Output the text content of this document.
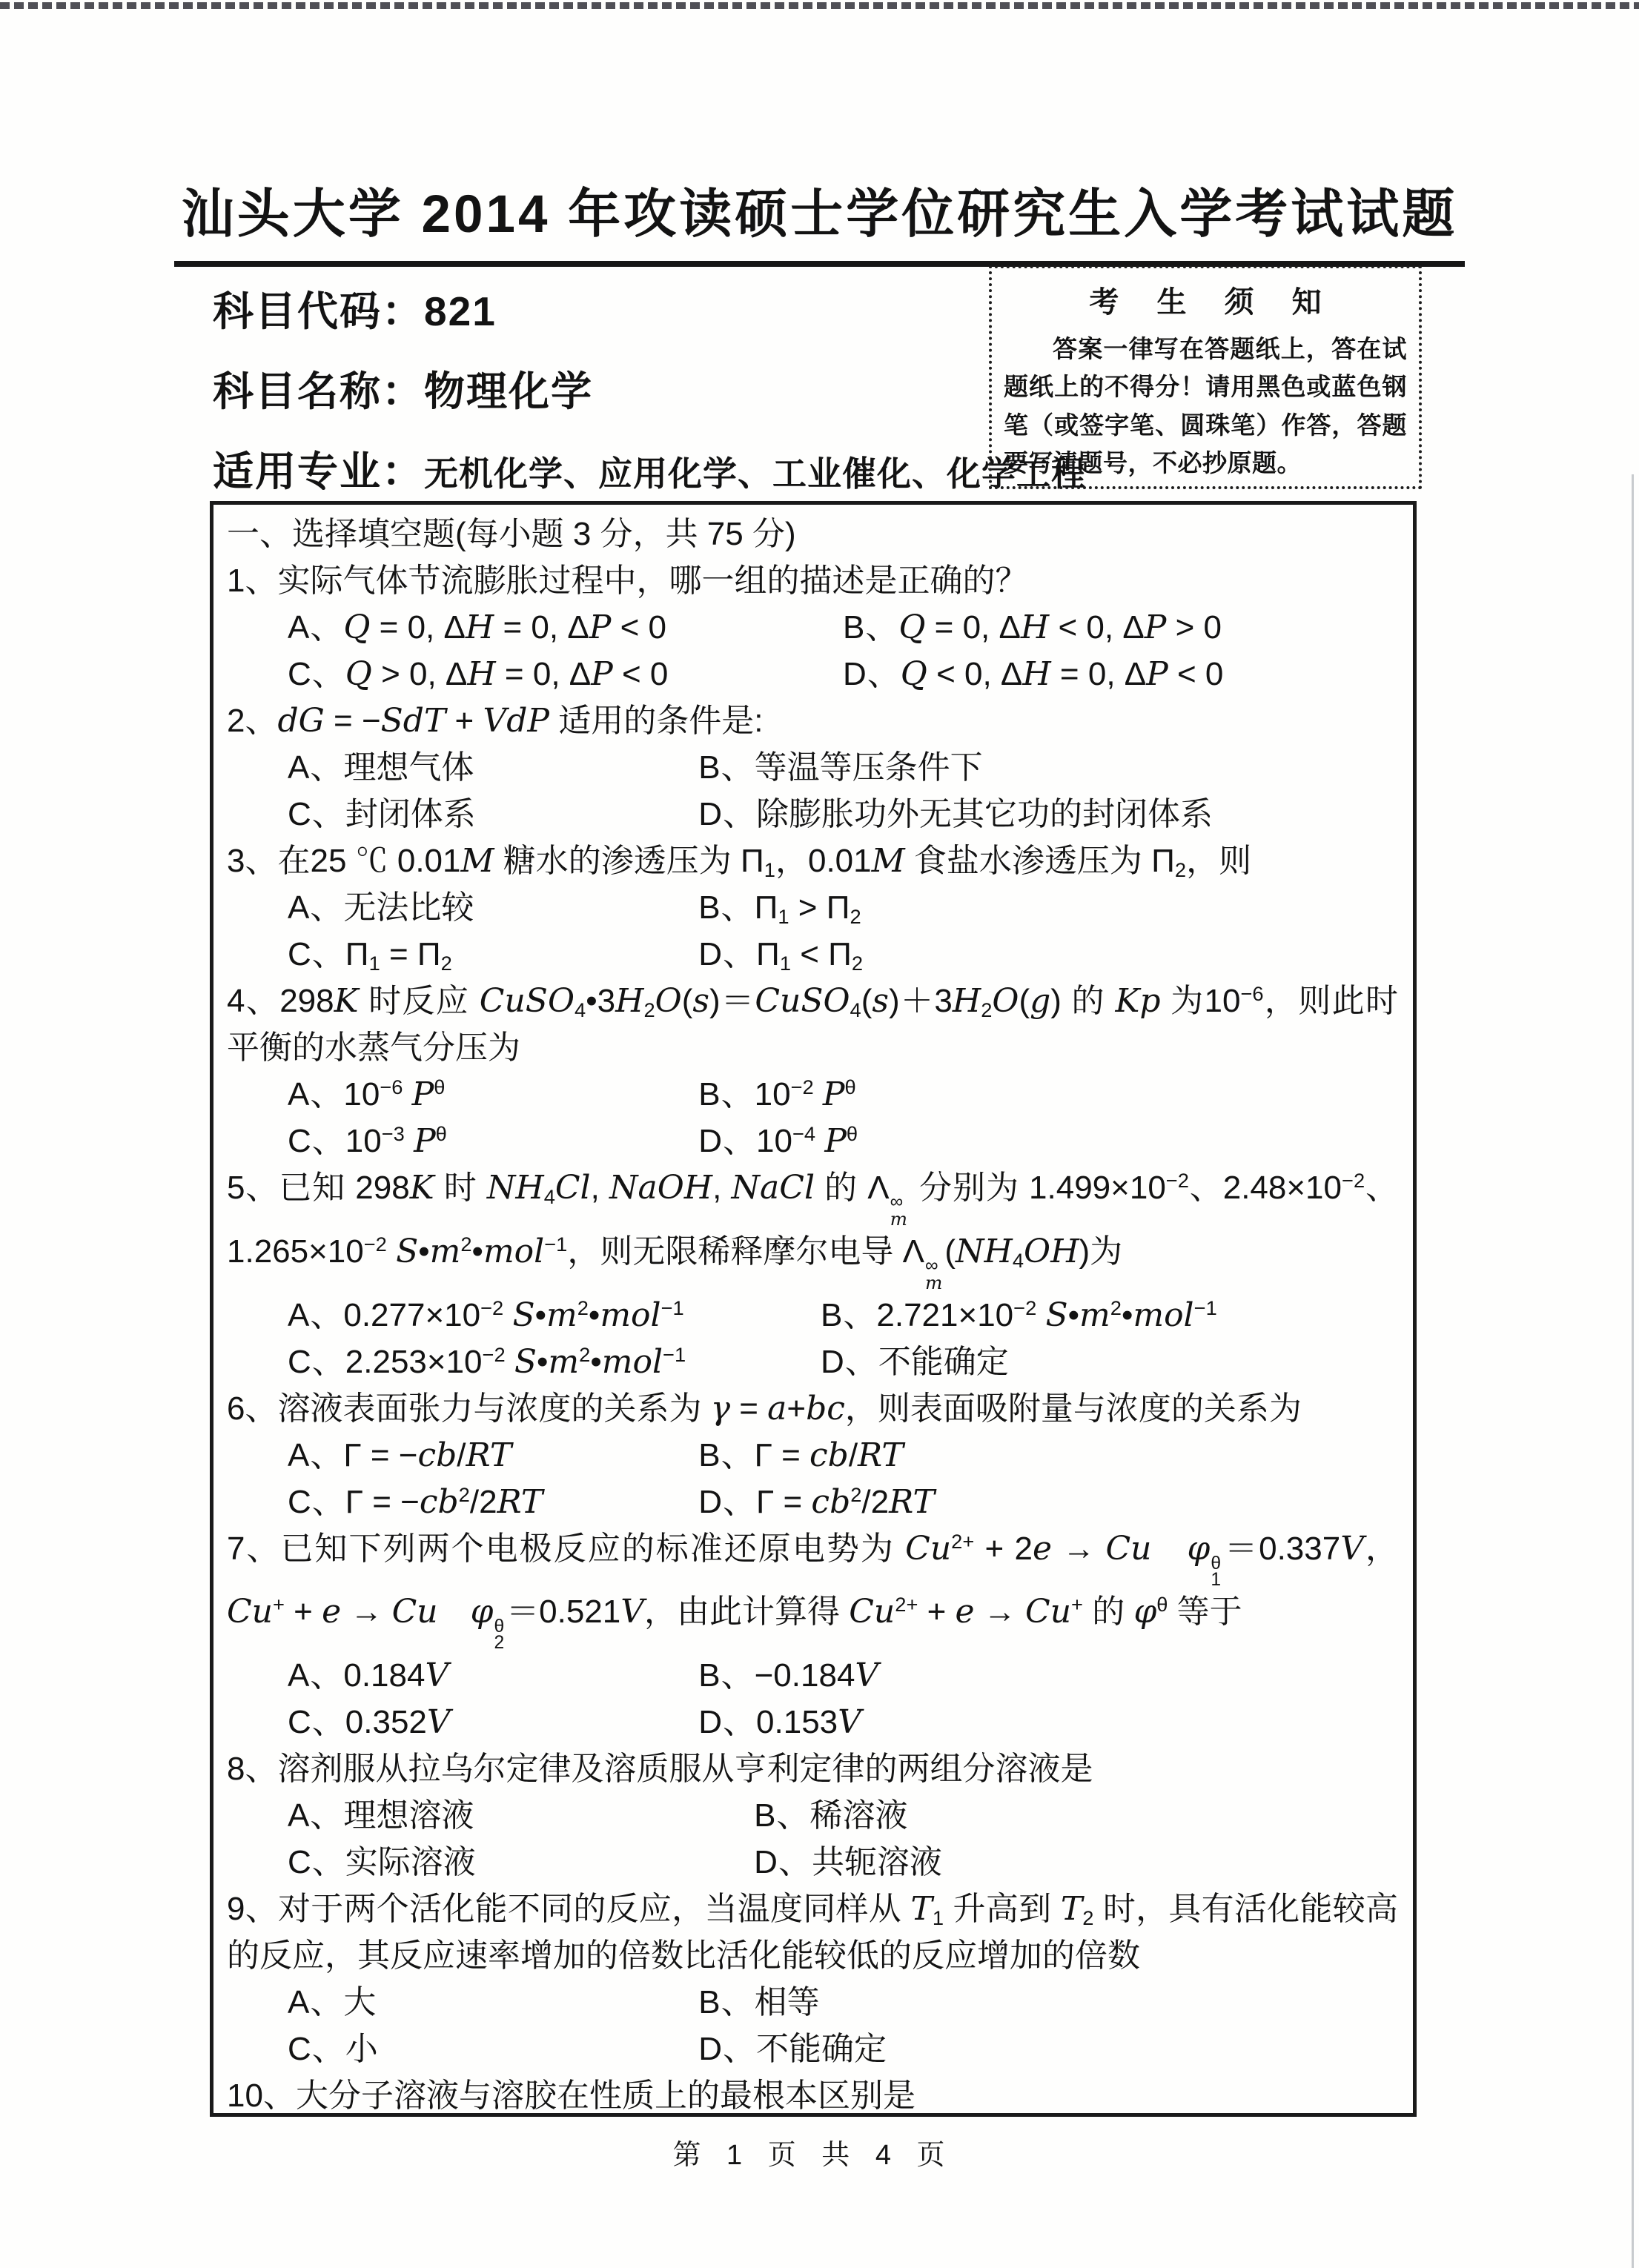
汕头大学 2014 年攻读硕士学位研究生入学考试试题
科目代码：821
科目名称：物理化学
适用专业：无机化学、应用化学、工业催化、化学工程
考 生 须 知
答案一律写在答题纸上，答在试题纸上的不得分！请用黑色或蓝色钢笔（或签字笔、圆珠笔）作答，答题要写清题号，不必抄原题。
一、选择填空题(每小题 3 分，共 75 分)
1、实际气体节流膨胀过程中，哪一组的描述是正确的？
A、Q = 0, ΔH = 0, ΔP < 0	B、Q = 0, ΔH < 0, ΔP > 0
C、Q > 0, ΔH = 0, ΔP < 0	D、Q < 0, ΔH = 0, ΔP < 0
2、dG = −SdT + VdP 适用的条件是:
A、理想气体	B、等温等压条件下
C、封闭体系	D、除膨胀功外无其它功的封闭体系
3、在25 ℃ 0.01M 糖水的渗透压为 $\Pi_1$，0.01M 食盐水渗透压为 $\Pi_2$，则
A、无法比较	B、$\Pi_1 > \Pi_2$
C、$\Pi_1 = \Pi_2$	D、$\Pi_1 < \Pi_2$
4、298K 时反应 $CuSO_4•3H_2O(s)=CuSO_4(s)+3H_2O(g)$ 的 Kp 为$10^{-6}$，则此时平衡的水蒸气分压为
A、$10^{-6}$ $P^\theta$	B、$10^{-2}$ $P^\theta$
C、$10^{-3}$ $P^\theta$	D、$10^{-4}$ $P^\theta$
5、已知 298K 时 $NH_4Cl$, NaOH, NaCl 的 Λ ∞
m
分别为 $1.499\times 10^{-2}$、$2.48\times 10^{-2}$、$1.265\times 10^{-2}$ $S•m^2•mol^{-1}$，则无限稀释摩尔电导 Λ ∞
m
$(NH_4OH)$为
A、$0.277\times 10^{-2}$ $S•m^2•mol^{-1}$	B、$2.721\times 10^{-2}$ $S•m^2•mol^{-1}$
C、$2.253\times 10^{-2}$ $S•m^2•mol^{-1}$	D、不能确定
6、溶液表面张力与浓度的关系为 γ = a+bc，则表面吸附量与浓度的关系为
A、Γ = −cb/RT	B、Γ = cb/RT
C、$\Gamma = -cb^2/2RT$	D、$\Gamma = cb^2/2RT$
7、已知下列两个电极反应的标准还原电势为 $Cu^{2+} + 2e \to Cu$　 φ θ
1
＝0.337V，Cu+ + e → Cu　 φ θ
2
＝0.521V，由此计算得 $Cu^{2+} + e \to Cu^+$ 的 $\varphi^\theta$ 等于
A、0.184V	B、−0.184V
C、0.352V	D、0.153V
8、溶剂服从拉乌尔定律及溶质服从亨利定律的两组分溶液是
A、理想溶液	B、稀溶液
C、实际溶液	D、共轭溶液
9、对于两个活化能不同的反应，当温度同样从 $T_1$ 升高到 $T_2$ 时，具有活化能较高的反应，其反应速率增加的倍数比活化能较低的反应增加的倍数
A、大	B、相等
C、小	D、不能确定
10、大分子溶液与溶胶在性质上的最根本区别是
第 1 页 共 4 页
